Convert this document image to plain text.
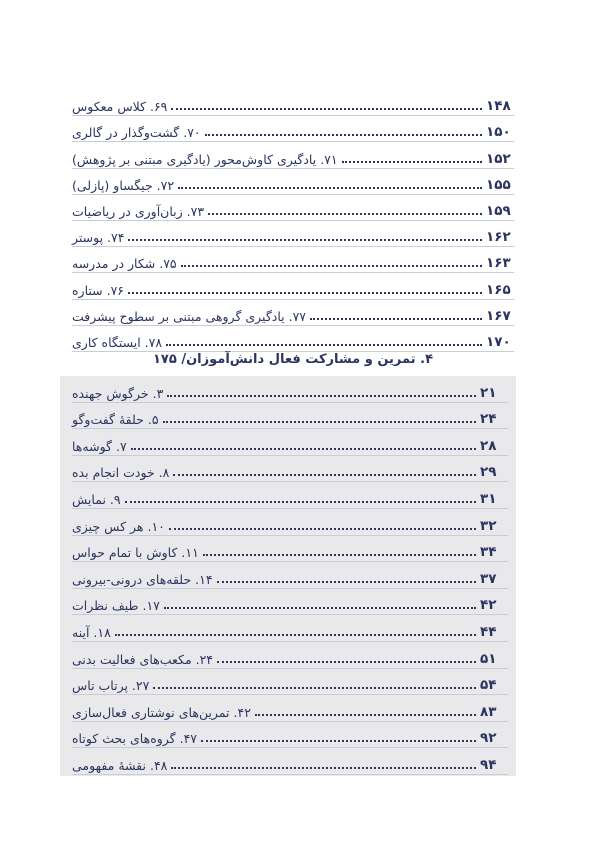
۶۹. کلاس معکوس	۱۴۸
۷۰. گشت‌وگذار در گالری	۱۵۰
۷۱. یادگیری کاوش‌محور (یادگیری مبتنی بر پژوهش)	۱۵۲
۷۲. جیگساو (پازلی)	۱۵۵
۷۳. زبان‌آوری در ریاضیات	۱۵۹
۷۴. پوستر	۱۶۲
۷۵. شکار در مدرسه	۱۶۳
۷۶. ستاره	۱۶۵
۷۷. یادگیری گروهی مبتنی بر سطوح پیشرفت	۱۶۷
۷۸. ایستگاه کاری	۱۷۰
۴. تمرین و مشارکت فعال دانش‌آموزان/ ۱۷۵
۳. خرگوش جهنده	۲۱
۵. حلقهٔ گفت‌وگو	۲۴
۷. گوشه‌ها	۲۸
۸. خودت انجام بده	۲۹
۹. نمایش	۳۱
۱۰. هر کس چیزی	۳۲
۱۱. کاوش با تمام حواس	۳۴
۱۴. حلقه‌های درونی-بیرونی	۳۷
۱۷. طیف نظرات	۴۲
۱۸. آینه	۴۴
۲۴. مکعب‌های فعالیت بدنی	۵۱
۲۷. پرتاب تاس	۵۴
۴۲. تمرین‌های نوشتاری فعال‌سازی	۸۳
۴۷. گروه‌های بحث کوتاه	۹۲
۴۸. نقشهٔ مفهومی	۹۴
